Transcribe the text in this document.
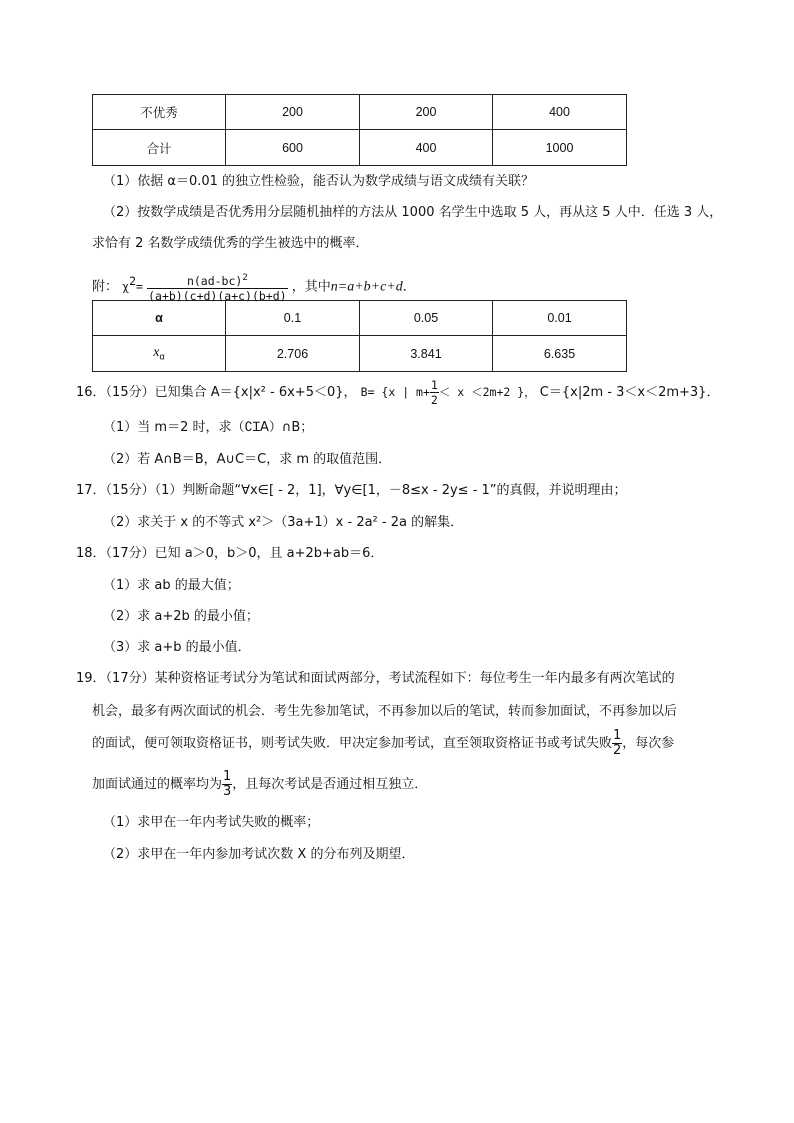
不优秀	200	200	400
合计	600	400	1000
（1）依据 α＝0.01 的独立性检验，能否认为数学成绩与语文成绩有关联？
（2）按数学成绩是否优秀用分层随机抽样的方法从 1000 名学生中选取 5 人，再从这 5 人中．任选 3 人，
求恰有 2 名数学成绩优秀的学生被选中的概率．
附： $\chi^2= \frac{n(ad-bc)^2}{(a+b)(c+d)(a+c)(b+d)}$ ，其中n=a+b+c+d．
α	0.1	0.05	0.01
$x_\alpha$	2.706	3.841	6.635
16．（15分）已知集合 A＝{x|x² - 6x+5＜0}， B= {x | $m+ \frac{1}{2} < x <2m+2$ }， C＝{x|2m - 3＜x＜2m+3}．
（1）当 m＝2 时，求（∁ꞮA）∩B；
（2）若 A∩B＝B，A∪C＝C，求 m 的取值范围．
17．（15分）（1）判断命题“∀x∈[ - 2，1]，∀y∈[1，－8≤x - 2y≤ - 1”的真假，并说明理由；
（2）求关于 x 的不等式 x²＞（3a+1）x - 2a² - 2a 的解集．
18．（17分）已知 a＞0，b＞0，且 a+2b+ab＝6．
（1）求 ab 的最大值；
（2）求 a+2b 的最小值；
（3）求 a+b 的最小值．
19．（17分）某种资格证考试分为笔试和面试两部分，考试流程如下：每位考生一年内最多有两次笔试的
机会，最多有两次面试的机会．考生先参加笔试，不再参加以后的笔试，转而参加面试，不再参加以后
的面试，便可领取资格证书，则考试失败．甲决定参加考试，直至领取资格证书或考试失败 $\frac{1}{2}$ ，每次参
加面试通过的概率均为 $\frac{1}{3}$ ，且每次考试是否通过相互独立．
（1）求甲在一年内考试失败的概率；
（2）求甲在一年内参加考试次数 X 的分布列及期望．
